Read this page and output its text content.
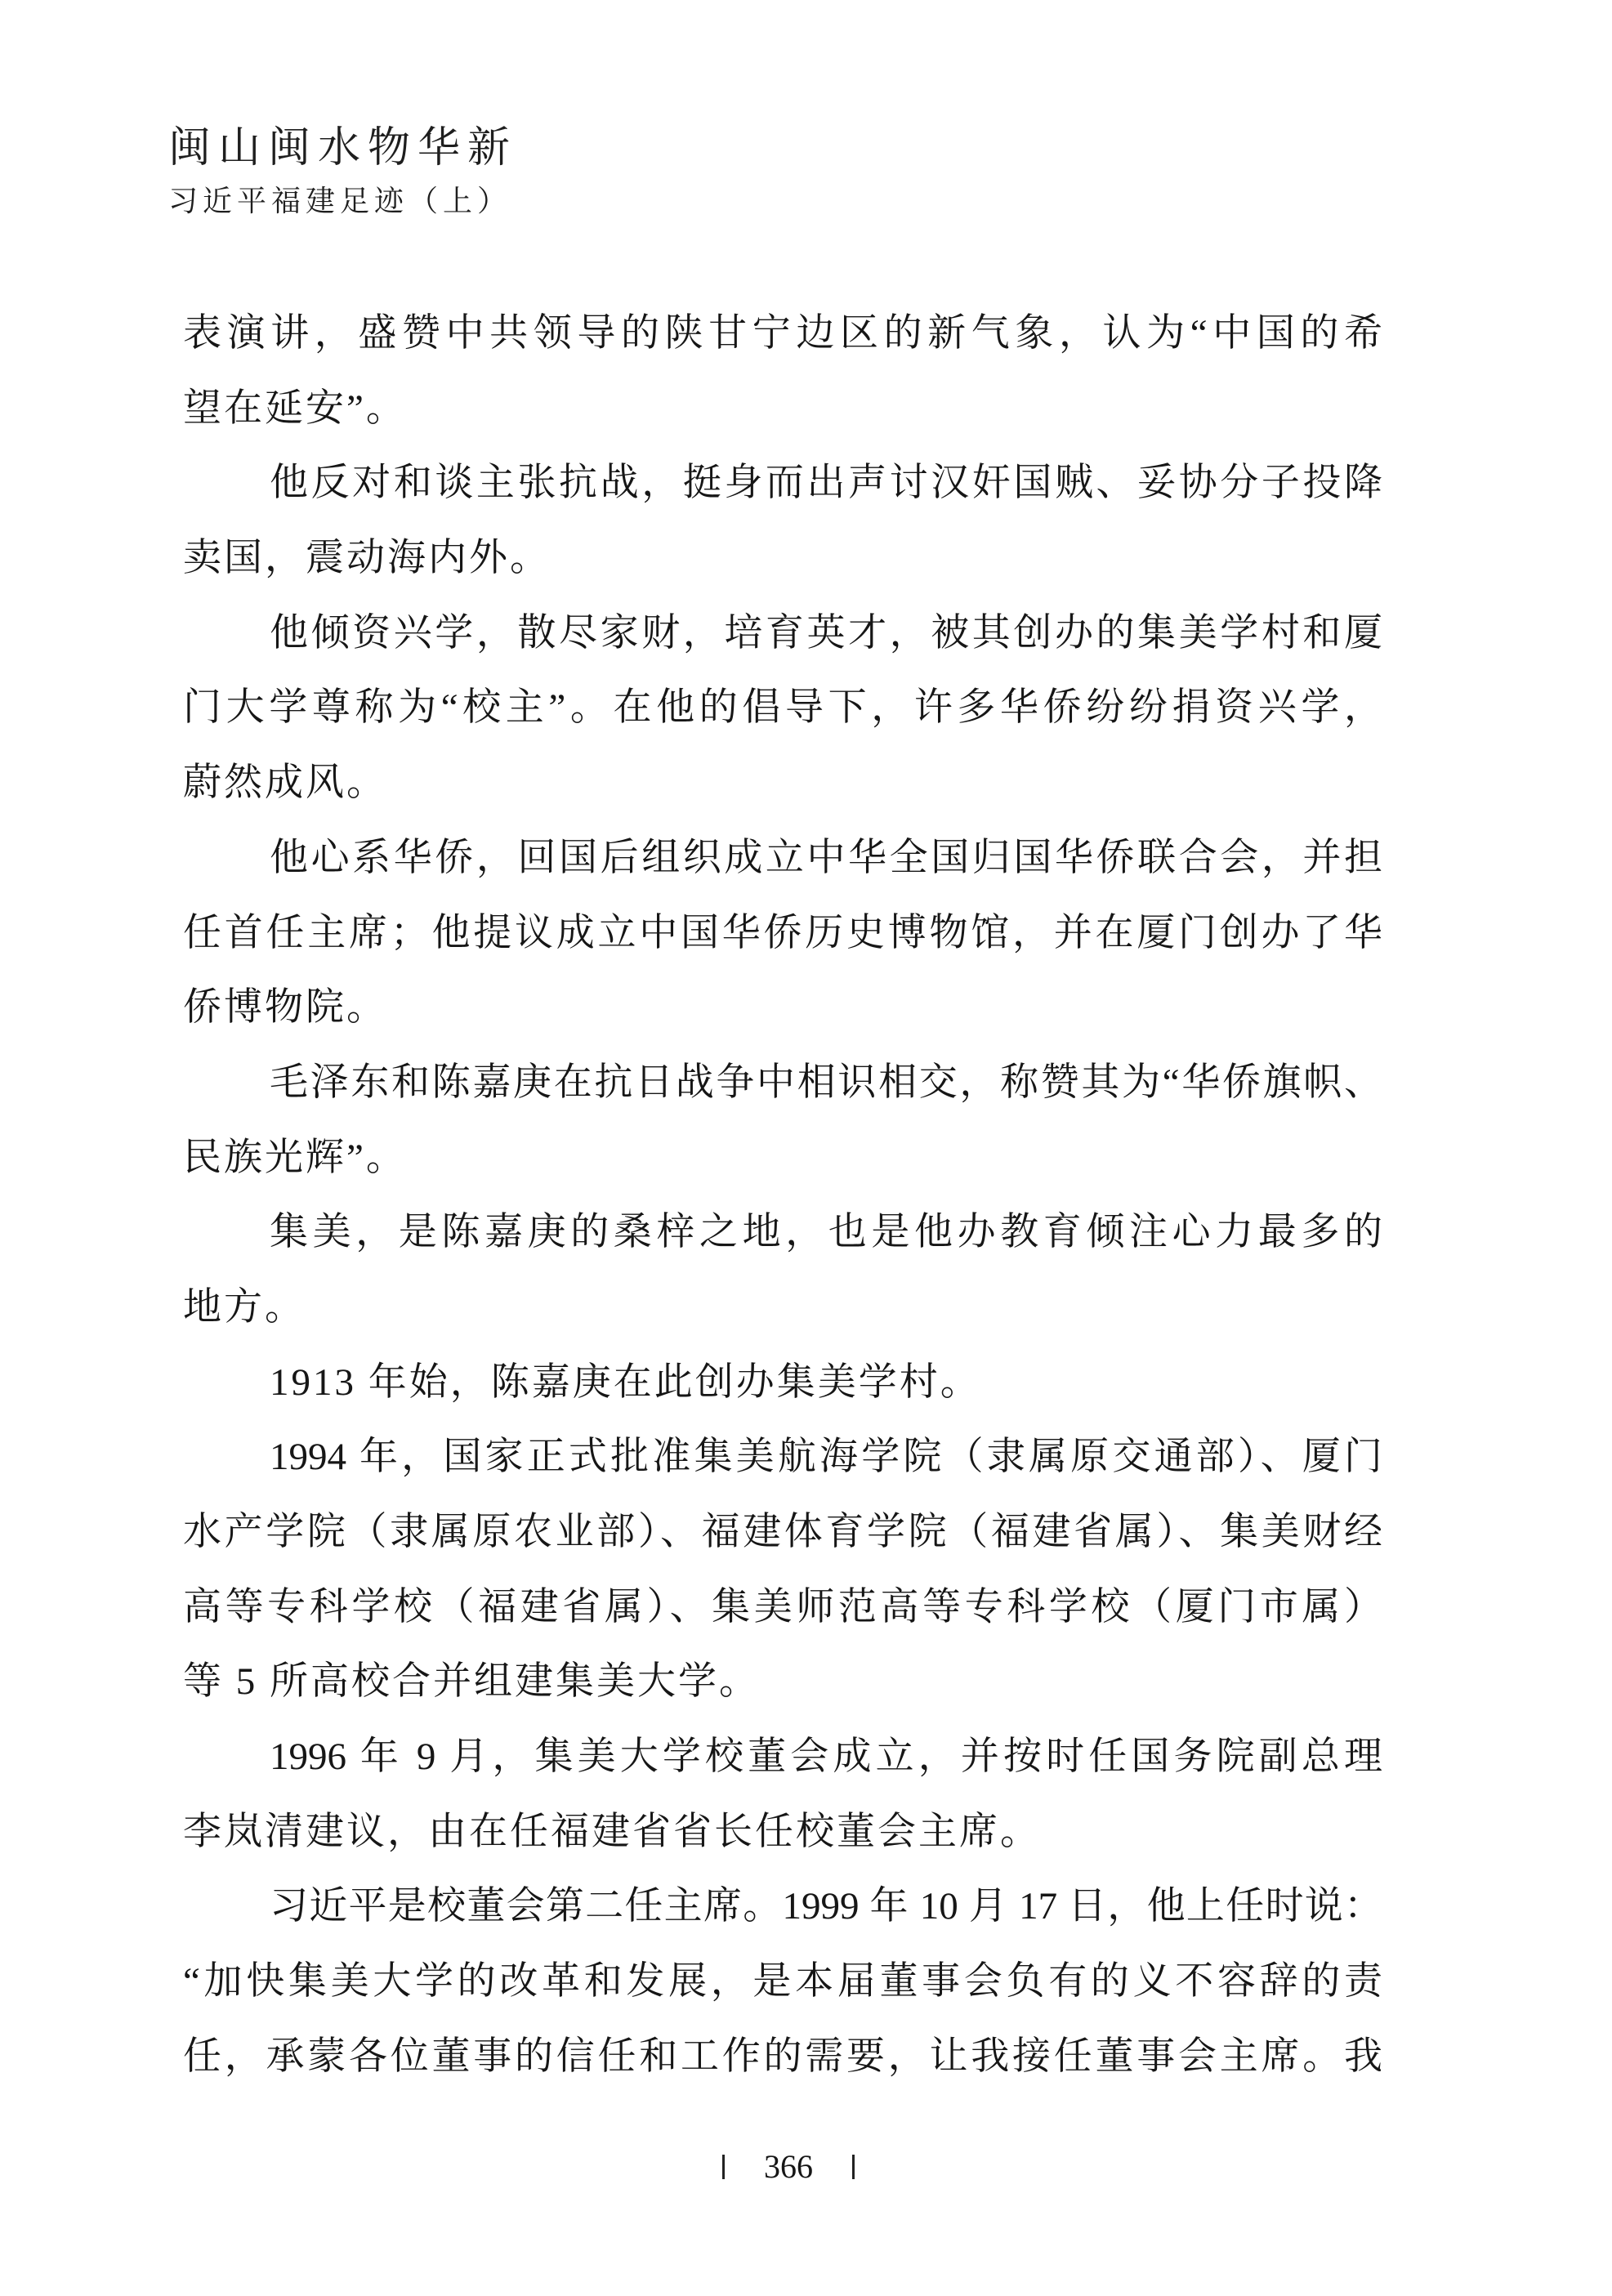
闽山闽水物华新
习近平福建足迹（上）
表演讲，盛赞中共领导的陕甘宁边区的新气象，认为“中国的希
望在延安”。
他反对和谈主张抗战，挺身而出声讨汉奸国贼、妥协分子投降
卖国，震动海内外。
他倾资兴学，散尽家财，培育英才，被其创办的集美学村和厦
门大学尊称为“校主”。在他的倡导下，许多华侨纷纷捐资兴学，
蔚然成风。
他心系华侨，回国后组织成立中华全国归国华侨联合会，并担
任首任主席；他提议成立中国华侨历史博物馆，并在厦门创办了华
侨博物院。
毛泽东和陈嘉庚在抗日战争中相识相交，称赞其为“华侨旗帜、
民族光辉”。
集美，是陈嘉庚的桑梓之地，也是他办教育倾注心力最多的
地方。
1913 年始，陈嘉庚在此创办集美学村。
1994 年，国家正式批准集美航海学院（隶属原交通部）、厦门
水产学院（隶属原农业部）、福建体育学院（福建省属）、集美财经
高等专科学校（福建省属）、集美师范高等专科学校（厦门市属）
等 5 所高校合并组建集美大学。
1996 年 9 月，集美大学校董会成立，并按时任国务院副总理
李岚清建议，由在任福建省省长任校董会主席。
习近平是校董会第二任主席。1999 年 10 月 17 日，他上任时说：
“加快集美大学的改革和发展，是本届董事会负有的义不容辞的责
任，承蒙各位董事的信任和工作的需要，让我接任董事会主席。我
366
